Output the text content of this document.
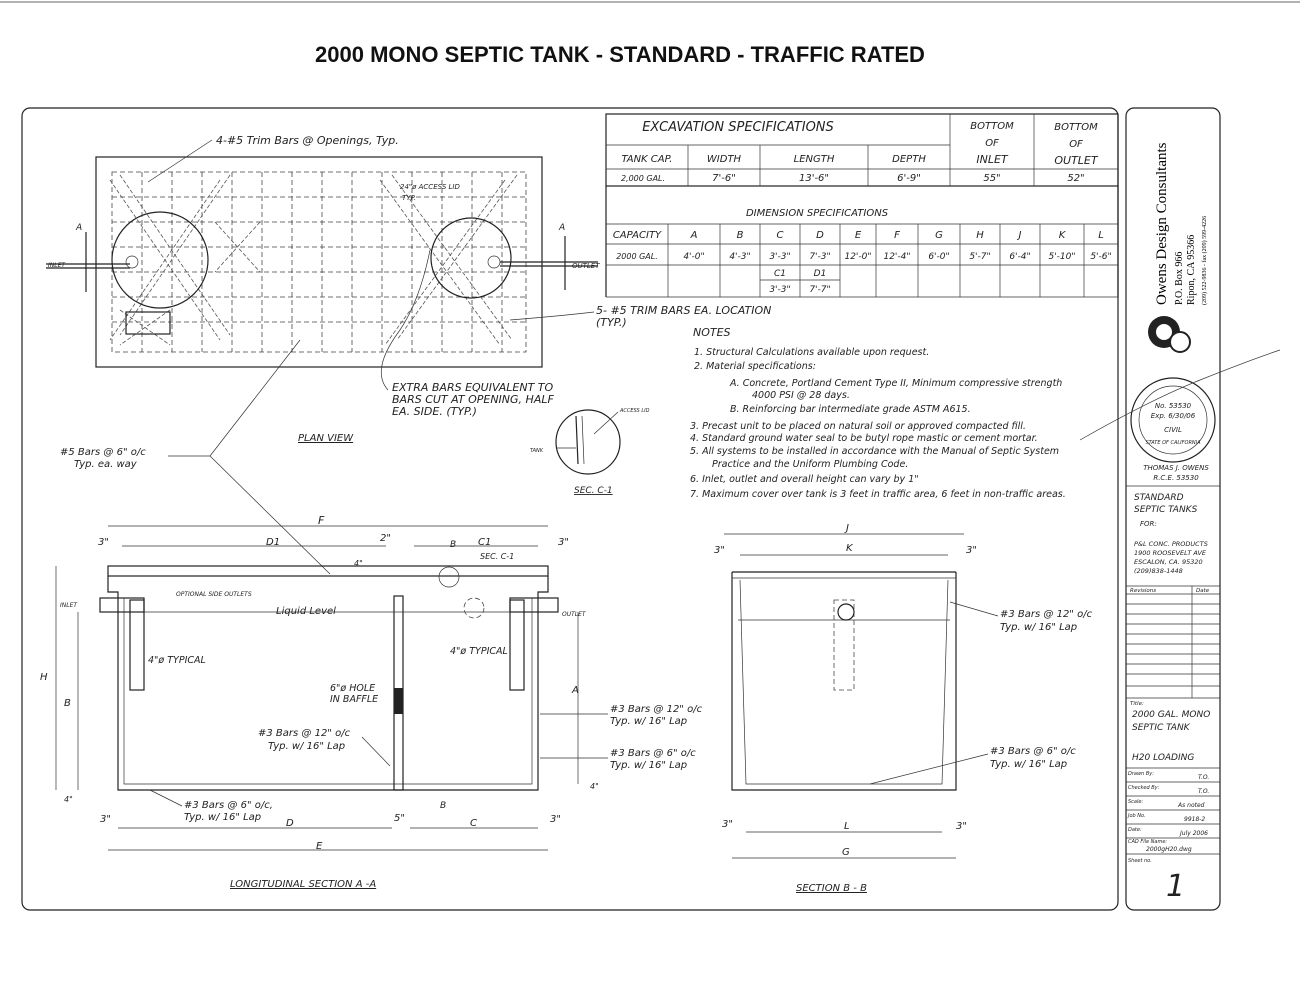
2000 MONO SEPTIC TANK - STANDARD - TRAFFIC RATED
EXCAVATION SPECIFICATIONS	BOTTOM
OF
INLET
BOTTOM
OF
OUTLET
TANK CAP.	WIDTH	LENGTH	DEPTH
2,000 GAL.	7'-6"	13'-6"	6'-9"	55"	52"
DIMENSION SPECIFICATIONS
CAPACITY	A	B	C	D	E	F	G	H	J	K	L
2000 GAL.	4'-0"	4'-3" 3'-3" 7'-3" 12'-0" 12'-4" 6'-0" 5'-7" 6'-4" 5'-10" 5'-6"
C1	D1
3'-3" 7'-7"
NOTES
1. Structural Calculations available upon request.
2. Material specifications:
A. Concrete, Portland Cement Type II, Minimum compressive strength
4000 PSI @ 28 days.
B. Reinforcing bar intermediate grade ASTM A615.
3. Precast unit to be placed on natural soil or approved compacted fill.
4. Standard ground water seal to be butyl rope mastic or cement mortar.
5. All systems to be installed in accordance with the Manual of Septic System
Practice and the Uniform Plumbing Code.
6. Inlet, outlet and overall height can vary by 1"
7. Maximum cover over tank is 3 feet in traffic area, 6 feet in non-traffic areas.
A	A
INLET	OUTLET
4-#5 Trim Bars @ Openings, Typ.
24"ø ACCESS LID
TYP.
5- #5 TRIM BARS EA. LOCATION
(TYP.)
EXTRA BARS EQUIVALENT TO
BARS CUT AT OPENING, HALF
EA. SIDE. (TYP.)
PLAN VIEW
#5 Bars @ 6" o/c
Typ. ea. way
TANK
ACCESS LID
SEC. C-1
F
D1	C1
3"	2"	3"
4"
B
SEC. C-1
OPTIONAL SIDE OUTLETS
INLET
OUTLET
Liquid Level
4"ø TYPICAL
4"ø TYPICAL
6"ø HOLE
IN BAFFLE
H
B
A
#3 Bars @ 12" o/c
Typ. w/ 16" Lap
#3 Bars @ 6" o/c,
Typ. w/ 16" Lap
4"
4"
3"	D	5"	C	3"
B
E
LONGITUDINAL SECTION A -A
#3 Bars @ 12" o/c
Typ. w/ 16" Lap
#3 Bars @ 6" o/c
Typ. w/ 16" Lap
J
K
L
G
3"	3"
3"	3"
#3 Bars @ 12" o/c
Typ. w/ 16" Lap
#3 Bars @ 6" o/c
Typ. w/ 16" Lap
SECTION B - B
Owens Design Consultants P.O. Box 966 Ripon, CA 95366 (209) 522-9836 - fax (209) 599-4226
No. 53530
Exp. 6/30/06
CIVIL
STATE OF CALIFORNIA
THOMAS J. OWENS
R.C.E. 53530
STANDARD
SEPTIC TANKS
FOR:
P&L CONC. PRODUCTS
1900 ROOSEVELT AVE
ESCALON, CA. 95320
(209)838-1448
Revisions	Date
Title:
2000 GAL. MONO
SEPTIC TANK
H20 LOADING
Drawn By:	T.O.
Checked By:	T.O.
Scale:	As noted
Job No.	9918-2
Date:	July 2006
CAD File Name:
2000gH20.dwg
Sheet no.
1
